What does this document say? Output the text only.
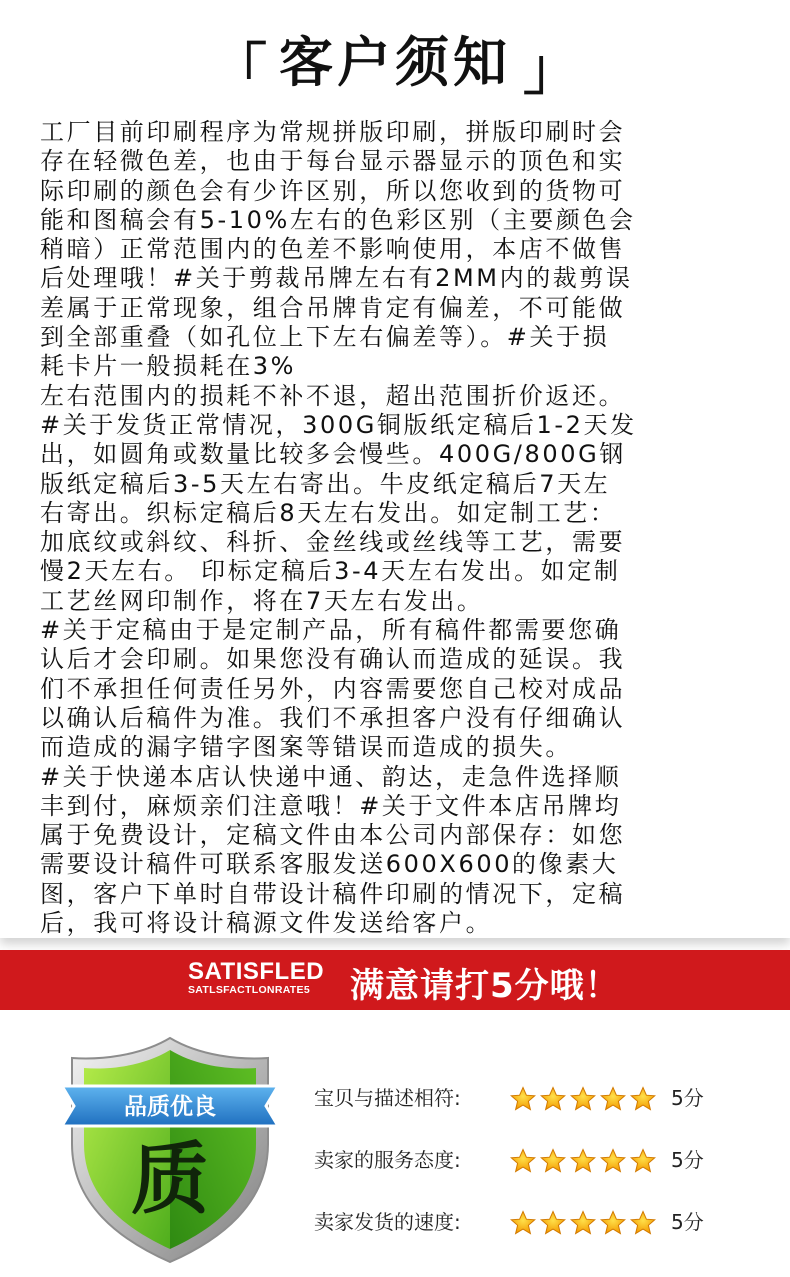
「 客户须知 」
工厂目前印刷程序为常规拼版印刷，拼版印刷时会
存在轻微色差，也由于每台显示器显示的顶色和实
际印刷的颜色会有少许区别，所以您收到的货物可
能和图稿会有5-10%左右的色彩区别（主要颜色会
稍暗）正常范围内的色差不影响使用，本店不做售
后处理哦！#关于剪裁吊牌左右有2MM内的裁剪误
差属于正常现象，组合吊牌肯定有偏差，不可能做
到全部重叠（如孔位上下左右偏差等）。#关于损
耗卡片一般损耗在3%
左右范围内的损耗不补不退，超出范围折价返还。
#关于发货正常情况，300G铜版纸定稿后1-2天发
出，如圆角或数量比较多会慢些。400G/800G钢
版纸定稿后3-5天左右寄出。牛皮纸定稿后7天左
右寄出。织标定稿后8天左右发出。如定制工艺：
加底纹或斜纹、科折、金丝线或丝线等工艺，需要
慢2天左右。 印标定稿后3-4天左右发出。如定制
工艺丝网印制作，将在7天左右发出。
#关于定稿由于是定制产品，所有稿件都需要您确
认后才会印刷。如果您没有确认而造成的延误。我
们不承担任何责任另外，内容需要您自己校对成品
以确认后稿件为准。我们不承担客户没有仔细确认
而造成的漏字错字图案等错误而造成的损失。
#关于快递本店认快递中通、韵达，走急件选择顺
丰到付，麻烦亲们注意哦！#关于文件本店吊牌均
属于免费设计，定稿文件由本公司内部保存：如您
需要设计稿件可联系客服发送600X600的像素大
图，客户下单时自带设计稿件印刷的情况下，定稿
后，我可将设计稿源文件发送给客户。
SATISFLED
SATLSFACTLONRATE5	满意请打5分哦！
品质优良
质
宝贝与描述相符:	5分
卖家的服务态度:	5分
卖家发货的速度:	5分
